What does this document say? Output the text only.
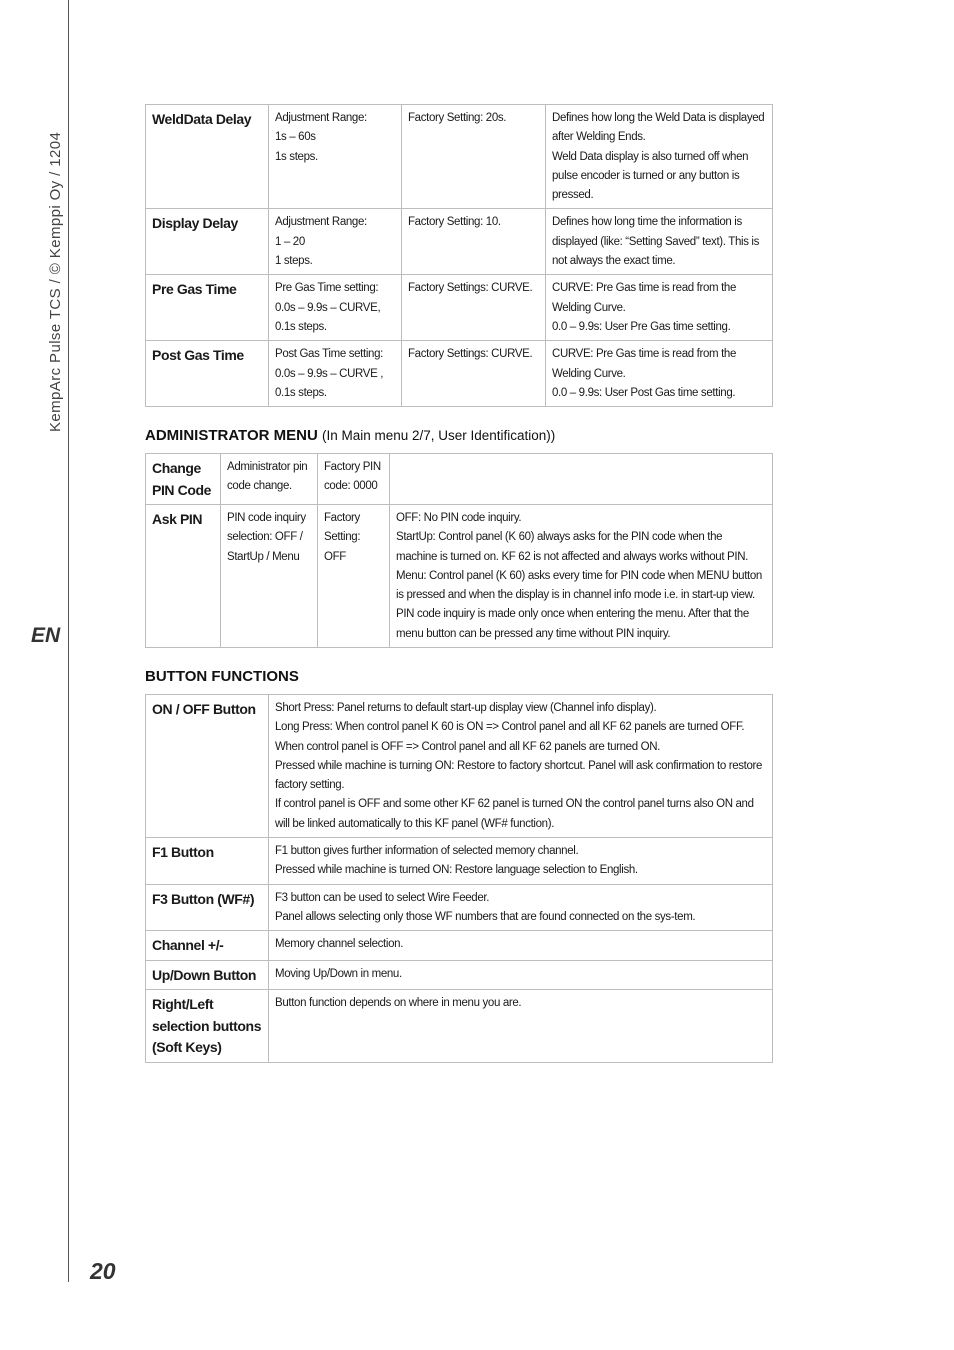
KempArc Pulse TCS / © Kemppi Oy / 1204
EN
20
WeldData Delay	Adjustment Range:
1s – 60s
1s steps.	Factory Setting: 20s.	Defines how long the Weld Data is displayed after Welding Ends.
Weld Data display is also turned off when pulse encoder is turned or any button is pressed.

Display Delay	Adjustment Range:
1 – 20
1 steps.	Factory Setting: 10.	Defines how long time the information is displayed (like: “Setting Saved” text). This is not always the exact time.

Pre Gas Time	Pre Gas Time setting:
0.0s – 9.9s – CURVE,
0.1s steps.	Factory Settings: CURVE.	CURVE: Pre Gas time is read from the Welding Curve.
0.0 – 9.9s: User Pre Gas time setting.

Post Gas Time	Post Gas Time setting:
0.0s – 9.9s – CURVE ,
0.1s steps.	Factory Settings: CURVE.	CURVE: Pre Gas time is read from the Welding Curve.
0.0 – 9.9s: User Post Gas time setting.
ADMINISTRATOR MENU (In Main menu 2/7, User Identification))
Change PIN Code	Administrator pin code change.	Factory PIN code: 0000	
Ask PIN	PIN code inquiry selection: OFF / StartUp / Menu	Factory Setting: OFF	OFF: No PIN code inquiry.
StartUp: Control panel (K 60) always asks for the PIN code when the machine is turned on. KF 62 is not affected and always works without PIN.
Menu: Control panel (K 60) asks every time for PIN code when MENU button is pressed and when the display is in channel info mode i.e. in start-up view. PIN code inquiry is made only once when entering the menu. After that the menu button can be pressed any time without PIN inquiry.
BUTTON FUNCTIONS
ON / OFF Button	Short Press: Panel returns to default start-up display view (Channel info display).
Long Press: When control panel K 60 is ON => Control panel and all KF 62 panels are turned OFF.
When control panel is OFF => Control panel and all KF 62 panels are turned ON.
Pressed while machine is turning ON: Restore to factory shortcut. Panel will ask confirmation to restore factory setting.
If control panel is OFF and some other KF 62 panel is turned ON the control panel turns also ON and will be linked automatically to this KF panel (WF# function).

F1 Button	F1 button gives further information of selected memory channel.
Pressed while machine is turned ON: Restore language selection to English.

F3 Button (WF#)	F3 button can be used to select Wire Feeder.
Panel allows selecting only those WF numbers that are found connected on the sys-tem.

Channel +/-	Memory channel selection.

Up/Down Button	Moving Up/Down in menu.

Right/Left selection buttons (Soft Keys)	Button function depends on where in menu you are.
